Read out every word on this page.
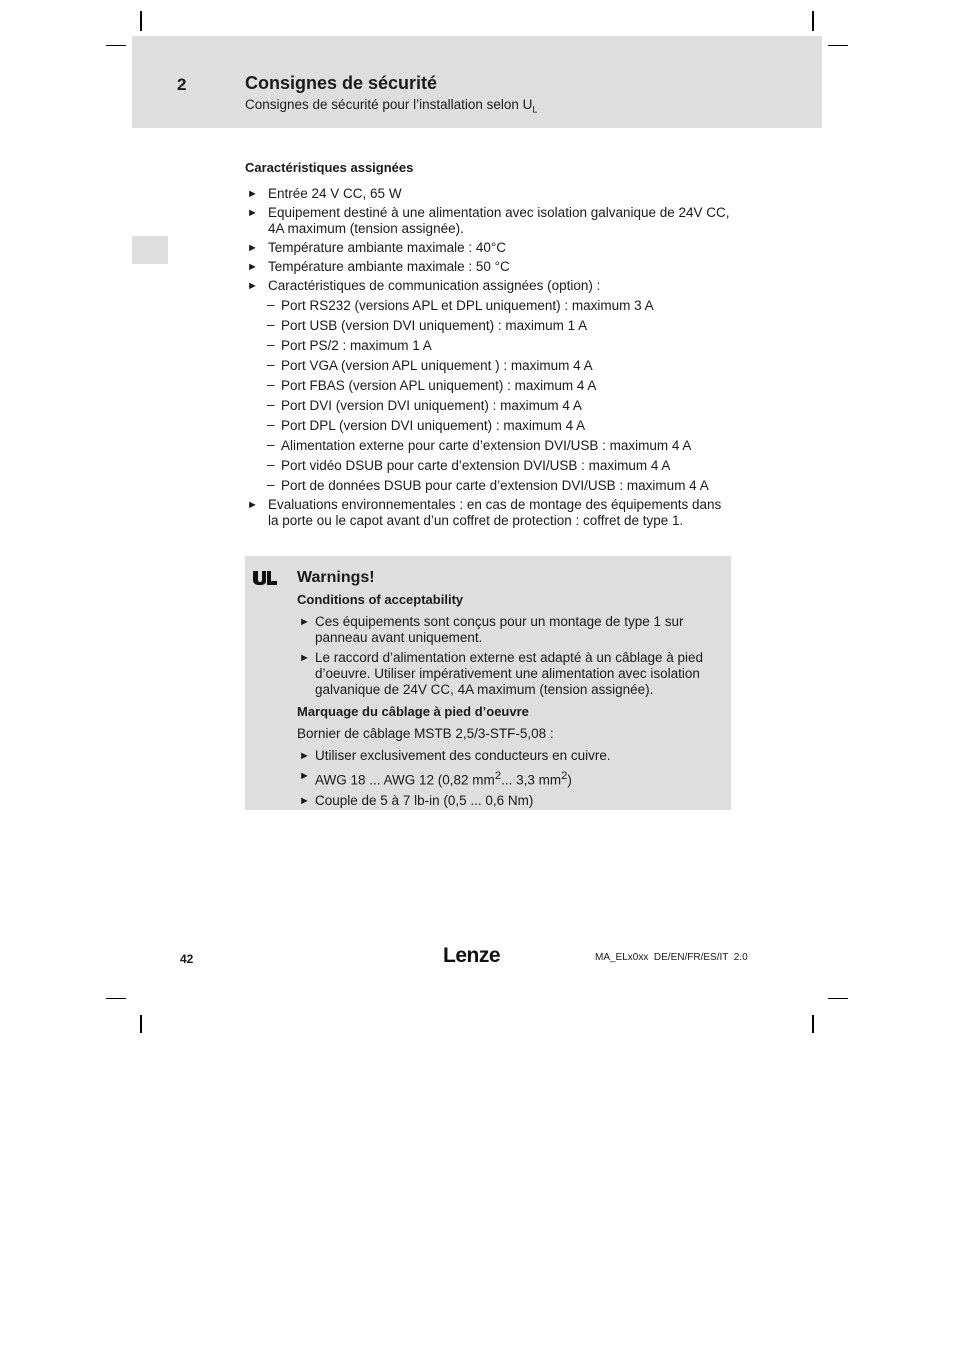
2	Consignes de sécurité
Consignes de sécurité pour l’installation selon $U_L$
Caractéristiques assignées
► Entrée 24 V CC, 65 W
► Equipement destiné à une alimentation avec isolation galvanique de 24V CC, 4A maximum (tension assignée).
► Température ambiante maximale : 40°C
► Température ambiante maximale : 50 °C
► Caractéristiques de communication assignées (option) :
– Port RS232 (versions APL et DPL uniquement) : maximum 3 A
– Port USB (version DVI uniquement) : maximum 1 A
– Port PS/2 : maximum 1 A
– Port VGA (version APL uniquement ) : maximum 4 A
– Port FBAS (version APL uniquement) : maximum 4 A
– Port DVI (version DVI uniquement) : maximum 4 A
– Port DPL (version DVI uniquement) : maximum 4 A
– Alimentation externe pour carte d’extension DVI/USB : maximum 4 A
– Port vidéo DSUB pour carte d’extension DVI/USB : maximum 4 A
– Port de données DSUB pour carte d’extension DVI/USB : maximum 4 A
► Evaluations environnementales : en cas de montage des équipements dans la porte ou le capot avant d’un coffret de protection : coffret de type 1.
Warnings!
Conditions of acceptability
► Ces équipements sont conçus pour un montage de type 1 sur panneau avant uniquement.
► Le raccord d’alimentation externe est adapté à un câblage à pied d’oeuvre. Utiliser impérativement une alimentation avec isolation galvanique de 24V CC, 4A maximum (tension assignée).
Marquage du câblage à pied d’oeuvre
Bornier de câblage MSTB 2,5/3-STF-5,08 :
► Utiliser exclusivement des conducteurs en cuivre.
► AWG 18 ... AWG 12 (0,82 $mm^2$... 3,3 $mm^2$)
► Couple de 5 à 7 lb-in (0,5 ... 0,6 Nm)
42	Lenze	MA_ELx0xx  DE/EN/FR/ES/IT  2.0
